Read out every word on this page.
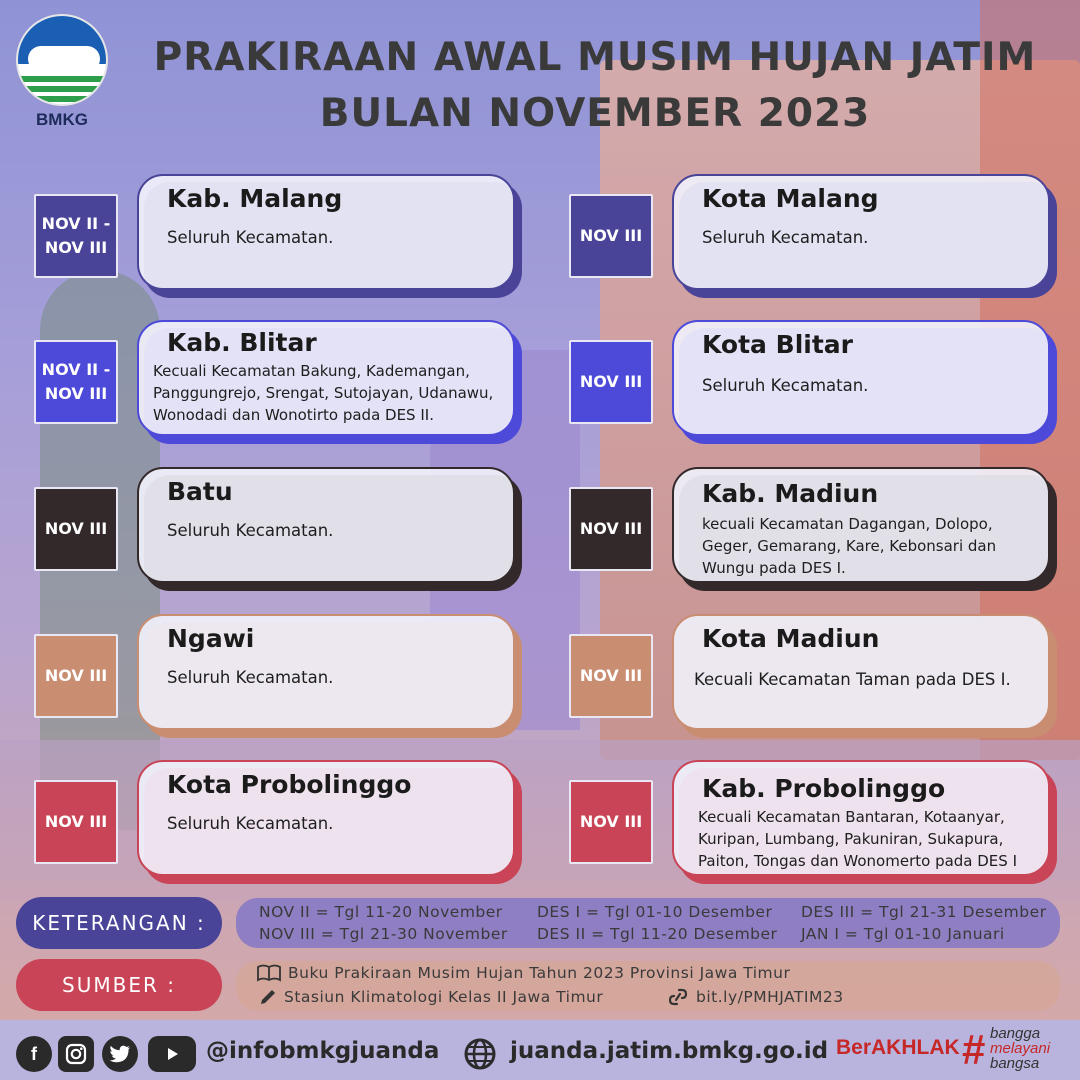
BMKG
PRAKIRAAN AWAL MUSIM HUJAN JATIM
BULAN NOVEMBER 2023
NOV II - NOV III
Kab. Malang
Seluruh Kecamatan.
NOV II - NOV III
Kab. Blitar
Kecuali Kecamatan Bakung, Kademangan, Panggungrejo, Srengat, Sutojayan, Udanawu, Wonodadi dan Wonotirto pada DES II.
NOV III
Batu
Seluruh Kecamatan.
NOV III
Ngawi
Seluruh Kecamatan.
NOV III
Kota Probolinggo
Seluruh Kecamatan.
NOV III
Kota Malang
Seluruh Kecamatan.
NOV III
Kota Blitar
Seluruh Kecamatan.
NOV III
Kab. Madiun
kecuali Kecamatan Dagangan, Dolopo, Geger, Gemarang, Kare, Kebonsari dan Wungu pada DES I.
NOV III
Kota Madiun
Kecuali Kecamatan Taman pada DES I.
NOV III
Kab. Probolinggo
Kecuali Kecamatan Bantaran, Kotaanyar, Kuripan, Lumbang, Pakuniran, Sukapura, Paiton, Tongas dan Wonomerto pada DES I
KETERANGAN :	NOV II = Tgl 11-20 November DES I = Tgl 01-10 Desember DES III = Tgl 21-31 Desember
NOV III = Tgl 21-30 November DES II = Tgl 11-20 Desember JAN I = Tgl 01-10 Januari
SUMBER :	Buku Prakiraan Musim Hujan Tahun 2023 Provinsi Jawa Timur
Stasiun Klimatologi Kelas II Jawa Timur	bit.ly/PMHJATIM23
f	@infobmkgjuanda	juanda.jatim.bmkg.go.id BerAKHLAK # bangga
melayani
bangsa
